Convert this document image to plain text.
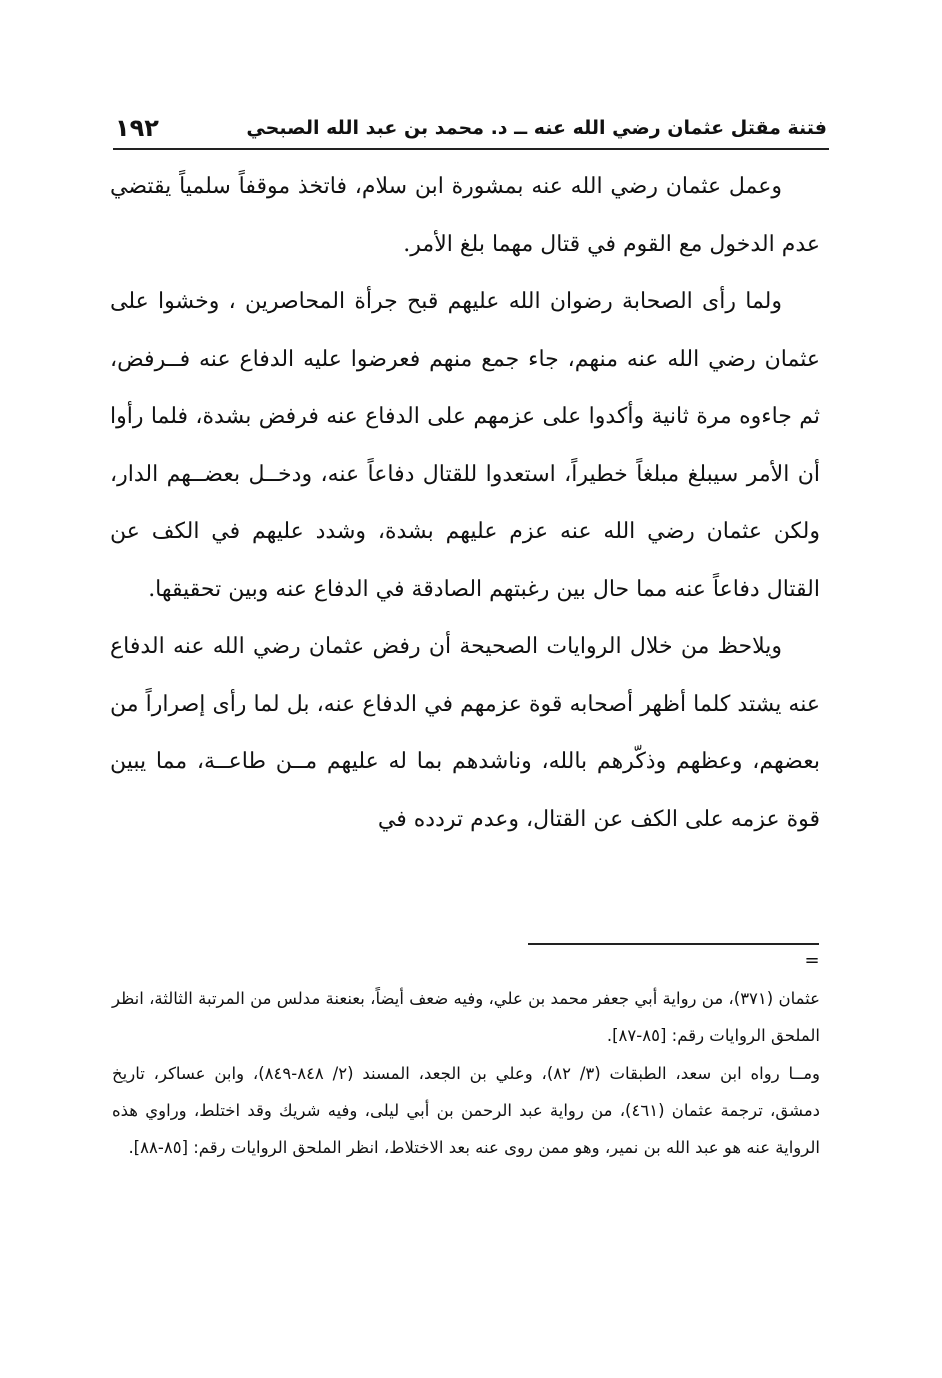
فتنة مقتل عثمان رضي الله عنه ــ د. محمد بن عبد الله الصبحي
١٩٢

وعمل عثمان رضي الله عنه بمشورة ابن سلام، فاتخذ موقفاً سلمياً يقتضي عدم الدخول مع القوم في قتال مهما بلغ الأمر.

ولما رأى الصحابة رضوان الله عليهم قبح جرأة المحاصرين ، وخشوا على عثمان رضي الله عنه منهم، جاء جمع منهم فعرضوا عليه الدفاع عنه فــرفض، ثم جاءوه مرة ثانية وأكدوا على عزمهم على الدفاع عنه فرفض بشدة، فلما رأوا أن الأمر سيبلغ مبلغاً خطيراً، استعدوا للقتال دفاعاً عنه، ودخــل بعضــهم الدار، ولكن عثمان رضي الله عنه عزم عليهم بشدة، وشدد عليهم في الكف عن القتال دفاعاً عنه مما حال بين رغبتهم الصادقة في الدفاع عنه وبين تحقيقها.

ويلاحظ من خلال الروايات الصحيحة أن رفض عثمان رضي الله عنه الدفاع عنه يشتد كلما أظهر أصحابه قوة عزمهم في الدفاع عنه، بل لما رأى إصراراً من بعضهم، وعظهم وذكّرهم بالله، وناشدهم بما له عليهم مــن طاعــة، مما يبين قوة عزمه على الكف عن القتال، وعدم تردده في

=

عثمان (٣٧١)، من رواية أبي جعفر محمد بن علي، وفيه ضعف أيضاً، بعنعنة مدلس من المرتبة الثالثة، انظر الملحق الروايات رقم: [٨٥-٨٧].

ومــا رواه ابن سعد، الطبقات (٣/ ٨٢)، وعلي بن الجعد، المسند (٢/ ٨٤٨-٨٤٩)، وابن عساكر، تاريخ دمشق، ترجمة عثمان (٤٦١)، من رواية عبد الرحمن بن أبي ليلى، وفيه شريك وقد اختلط، وراوي هذه الرواية عنه هو عبد الله بن نمير، وهو ممن روى عنه بعد الاختلاط، انظر الملحق الروايات رقم: [٨٥-٨٨].
